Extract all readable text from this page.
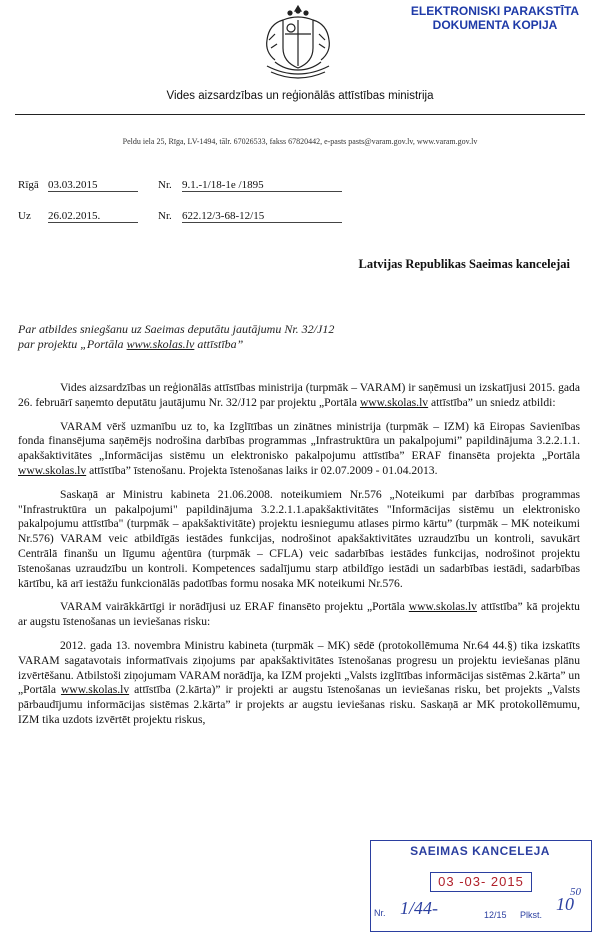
ELEKTRONISKI PARAKSTĪTA
DOKUMENTA KOPIJA
Vides aizsardzības un reģionālās attīstības ministrija
Peldu iela 25, Rīga, LV-1494, tālr. 67026533, fakss 67820442, e-pasts pasts@varam.gov.lv, www.varam.gov.lv
Rīgā 03.03.2015	Nr. 9.1.-1/18-1e /1895
Uz 26.02.2015.	Nr. 622.12/3-68-12/15
Latvijas Republikas Saeimas kancelejai
Par atbildes sniegšanu uz Saeimas deputātu jautājumu Nr. 32/J12
par projektu „Portāla www.skolas.lv attīstība”

Vides aizsardzības un reģionālās attīstības ministrija (turpmāk – VARAM) ir saņēmusi un izskatījusi 2015. gada 26. februārī saņemto deputātu jautājumu Nr. 32/J12 par projektu „Portāla www.skolas.lv attīstība” un sniedz atbildi:

VARAM vērš uzmanību uz to, ka Izglītības un zinātnes ministrija (turpmāk – IZM) kā Eiropas Savienības fonda finansējuma saņēmējs nodrošina darbības programmas „Infrastruktūra un pakalpojumi” papildinājuma 3.2.2.1.1. apakšaktivitātes „Informācijas sistēmu un elektronisko pakalpojumu attīstība” ERAF finansēta projekta „Portāla www.skolas.lv attīstība” īstenošanu. Projekta īstenošanas laiks ir 02.07.2009 - 01.04.2013.

Saskaņā ar Ministru kabineta 21.06.2008. noteikumiem Nr.576 „Noteikumi par darbības programmas "Infrastruktūra un pakalpojumi" papildinājuma 3.2.2.1.1.apakšaktivitātes "Informācijas sistēmu un elektronisko pakalpojumu attīstība" (turpmāk – apakšaktivitāte) projektu iesniegumu atlases pirmo kārtu” (turpmāk – MK noteikumi Nr.576) VARAM veic atbildīgās iestādes funkcijas, nodrošinot apakšaktivitātes uzraudzību un kontroli, savukārt Centrālā finanšu un līgumu aģentūra (turpmāk – CFLA) veic sadarbības iestādes funkcijas, nodrošinot projektu īstenošanas uzraudzību un kontroli. Kompetences sadalījumu starp atbildīgo iestādi un sadarbības iestādi, sadarbības kārtību, kā arī iestāžu funkcionālās padotības formu nosaka MK noteikumi Nr.576.

VARAM vairākkārtīgi ir norādījusi uz ERAF finansēto projektu „Portāla www.skolas.lv attīstība” kā projektu ar augstu īstenošanas un ieviešanas risku:

2012. gada 13. novembra Ministru kabineta (turpmāk – MK) sēdē (protokollēmuma Nr.64 44.§) tika izskatīts VARAM sagatavotais informatīvais ziņojums par apakšaktivitātes īstenošanas progresu un projektu ieviešanas plānu izvērtēšanu. Atbilstoši ziņojumam VARAM norādīja, ka IZM projekti „Valsts izglītības informācijas sistēmas 2.kārta” un „Portāla www.skolas.lv attīstība (2.kārta)” ir projekti ar augstu īstenošanas un ieviešanas risku, bet projekts „Valsts pārbaudījumu informācijas sistēmas 2.kārta” ir projekts ar augstu ieviešanas risku. Saskaņā ar MK protokollēmumu, IZM tika uzdots izvērtēt projektu riskus,

SAEIMAS KANCELEJA
03 -03- 2015
50
Nr. 1/44-	12/15 Plkst.
10
